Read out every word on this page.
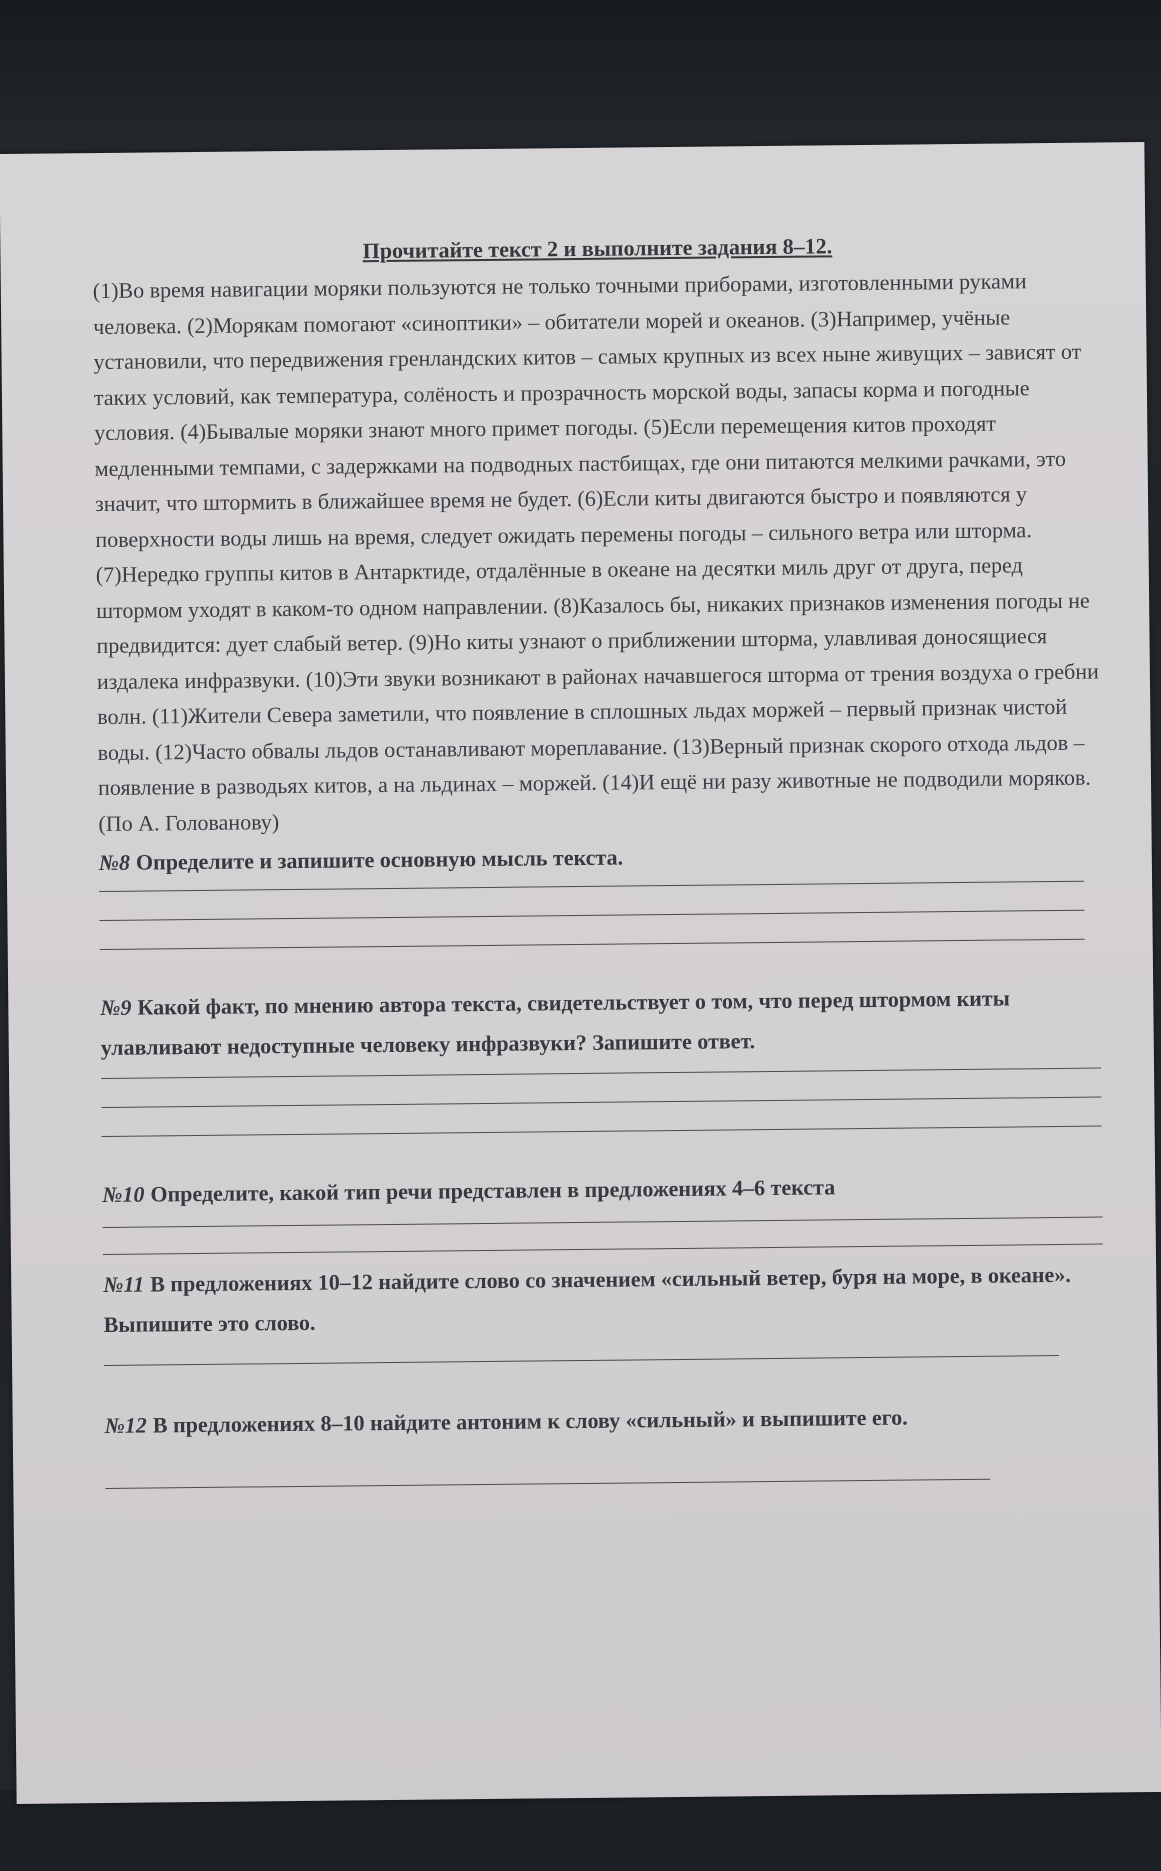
Прочитайте текст 2 и выполните задания 8–12.

(1)Во время навигации моряки пользуются не только точными приборами, изготовленными руками человека. (2)Морякам помогают «синоптики» – обитатели морей и океанов. (3)Например, учёные установили, что передвижения гренландских китов – самых крупных из всех ныне живущих – зависят от таких условий, как температура, солёность и прозрачность морской воды, запасы корма и погодные условия. (4)Бывалые моряки знают много примет погоды. (5)Если перемещения китов проходят медленными темпами, с задержками на подводных пастбищах, где они питаются мелкими рачками, это значит, что штормить в ближайшее время не будет. (6)Если киты двигаются быстро и появляются у поверхности воды лишь на время, следует ожидать перемены погоды – сильного ветра или шторма. (7)Нередко группы китов в Антарктиде, отдалённые в океане на десятки миль друг от друга, перед штормом уходят в каком-то одном направлении. (8)Казалось бы, никаких признаков изменения погоды не предвидится: дует слабый ветер. (9)Но киты узнают о приближении шторма, улавливая доносящиеся издалека инфразвуки. (10)Эти звуки возникают в районах начавшегося шторма от трения воздуха о гребни волн. (11)Жители Севера заметили, что появление в сплошных льдах моржей – первый признак чистой воды. (12)Часто обвалы льдов останавливают мореплавание. (13)Верный признак скорого отхода льдов – появление в разводьях китов, а на льдинах – моржей. (14)И ещё ни разу животные не подводили моряков. (По А. Голованову)

№8 Определите и запишите основную мысль текста.

№9 Какой факт, по мнению автора текста, свидетельствует о том, что перед штормом киты улавливают недоступные человеку инфразвуки? Запишите ответ.

№10 Определите, какой тип речи представлен в предложениях 4–6 текста

№11 В предложениях 10–12 найдите слово со значением «сильный ветер, буря на море, в океане». Выпишите это слово.

№12 В предложениях 8–10 найдите антоним к слову «сильный» и выпишите его.
